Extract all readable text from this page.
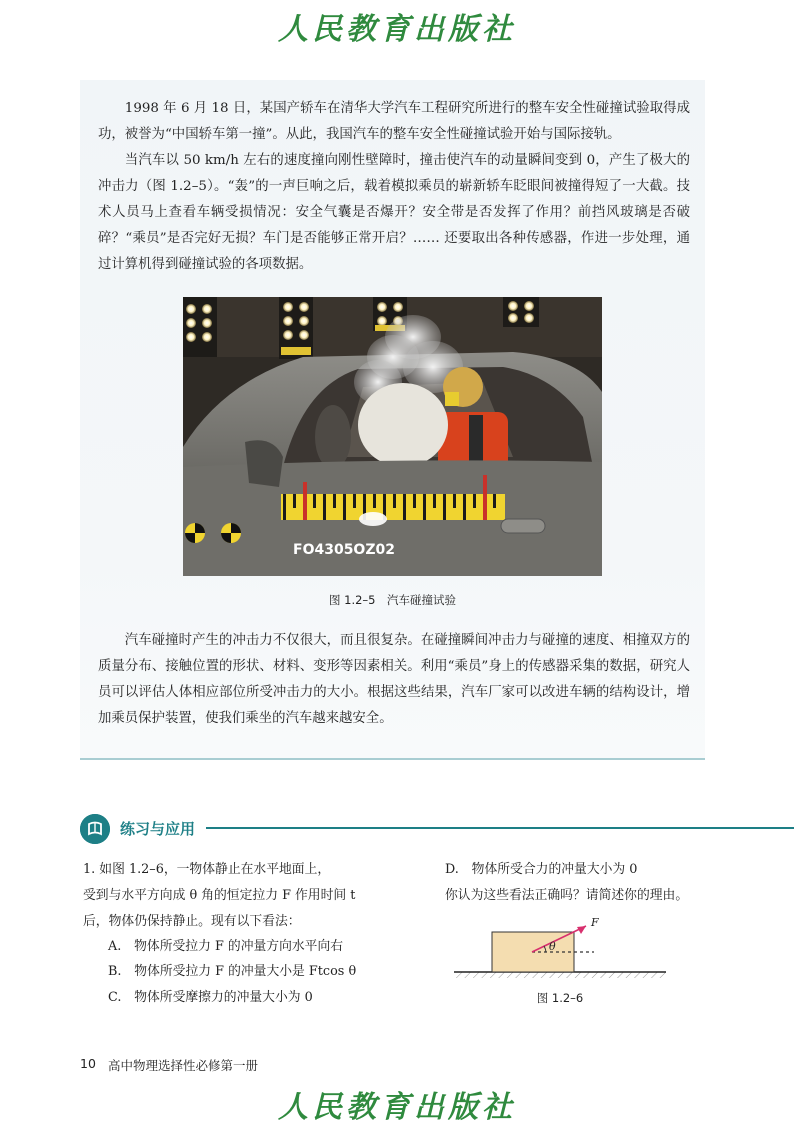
人民教育出版社

1998 年 6 月 18 日，某国产轿车在清华大学汽车工程研究所进行的整车安全性碰撞试验取得成功，被誉为“中国轿车第一撞”。从此，我国汽车的整车安全性碰撞试验开始与国际接轨。

当汽车以 50 km/h 左右的速度撞向刚性壁障时，撞击使汽车的动量瞬间变到 0，产生了极大的冲击力（图 1.2–5）。“轰”的一声巨响之后，载着模拟乘员的崭新轿车眨眼间被撞得短了一大截。技术人员马上查看车辆受损情况：安全气囊是否爆开？安全带是否发挥了作用？前挡风玻璃是否破碎？“乘员”是否完好无损？车门是否能够正常开启？…… 还要取出各种传感器，作进一步处理，通过计算机得到碰撞试验的各项数据。

FO4305OZ02
图 1.2–5　汽车碰撞试验

汽车碰撞时产生的冲击力不仅很大，而且很复杂。在碰撞瞬间冲击力与碰撞的速度、相撞双方的质量分布、接触位置的形状、材料、变形等因素相关。利用“乘员”身上的传感器采集的数据，研究人员可以评估人体相应部位所受冲击力的大小。根据这些结果，汽车厂家可以改进车辆的结构设计，增加乘员保护装置，使我们乘坐的汽车越来越安全。

练习与应用

1. 如图 1.2–6，一物体静止在水平地面上，

受到与水平方向成 θ 角的恒定拉力 F 作用时间 t

后，物体仍保持静止。现有以下看法：

A.　物体所受拉力 F 的冲量方向水平向右

B.　物体所受拉力 F 的冲量大小是 Ftcos θ

C.　物体所受摩擦力的冲量大小为 0

D.　物体所受合力的冲量大小为 0

你认为这些看法正确吗？请简述你的理由。

θ
F
图 1.2–6
10 高中物理选择性必修第一册
人民教育出版社
